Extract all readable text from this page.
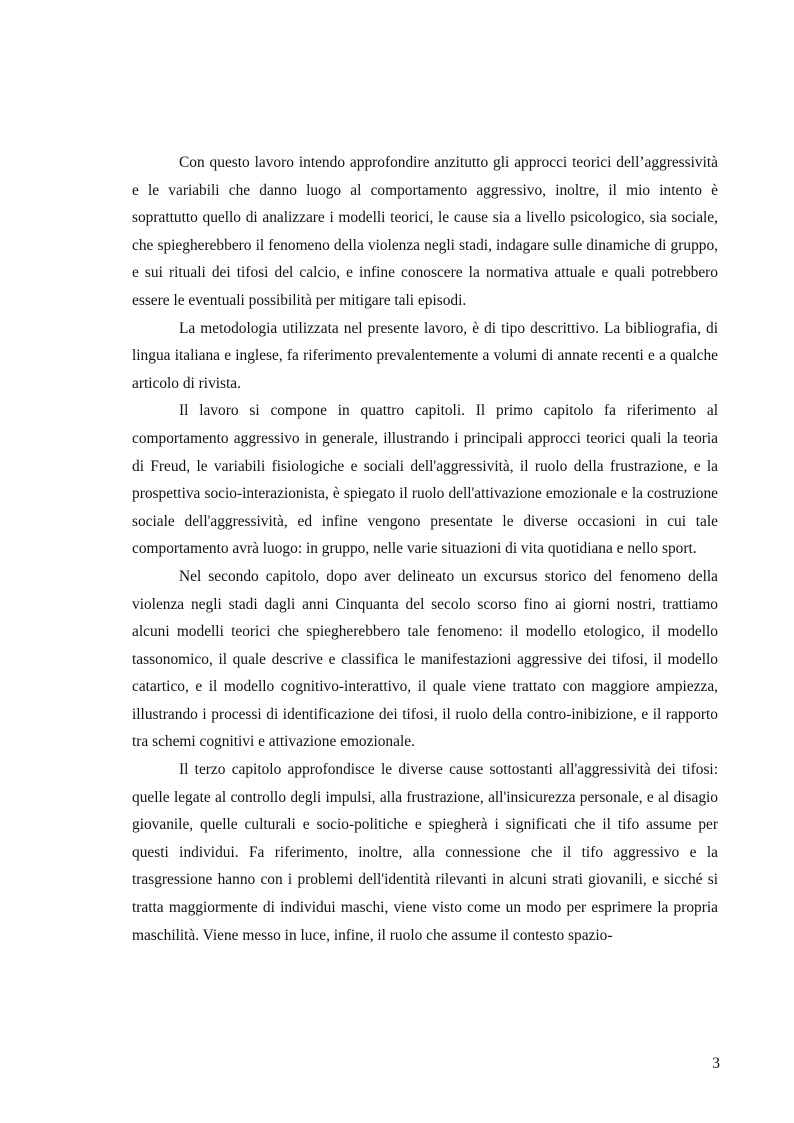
Con questo lavoro intendo approfondire anzitutto gli approcci teorici dell’aggressività e le variabili che danno luogo al comportamento aggressivo, inoltre, il mio intento è soprattutto quello di analizzare i modelli teorici, le cause sia a livello psicologico, sia sociale, che spiegherebbero il fenomeno della violenza negli stadi, indagare sulle dinamiche di gruppo, e sui rituali dei tifosi del calcio, e infine conoscere la normativa attuale e quali potrebbero essere le eventuali possibilità per mitigare tali episodi.

La metodologia utilizzata nel presente lavoro, è di tipo descrittivo. La bibliografia, di lingua italiana e inglese, fa riferimento prevalentemente a volumi di annate recenti e a qualche articolo di rivista.

Il lavoro si compone in quattro capitoli. Il primo capitolo fa riferimento al comportamento aggressivo in generale, illustrando i principali approcci teorici quali la teoria di Freud, le variabili fisiologiche e sociali dell'aggressività, il ruolo della frustrazione, e la prospettiva socio-interazionista, è spiegato il ruolo dell'attivazione emozionale e la costruzione sociale dell'aggressività, ed infine vengono presentate le diverse occasioni in cui tale comportamento avrà luogo: in gruppo, nelle varie situazioni di vita quotidiana e nello sport.

Nel secondo capitolo, dopo aver delineato un excursus storico del fenomeno della violenza negli stadi dagli anni Cinquanta del secolo scorso fino ai giorni nostri, trattiamo alcuni modelli teorici che spiegherebbero tale fenomeno: il modello etologico, il modello tassonomico, il quale descrive e classifica le manifestazioni aggressive dei tifosi, il modello catartico, e il modello cognitivo-interattivo, il quale viene trattato con maggiore ampiezza, illustrando i processi di identificazione dei tifosi, il ruolo della contro-inibizione, e il rapporto tra schemi cognitivi e attivazione emozionale.

Il terzo capitolo approfondisce le diverse cause sottostanti all'aggressività dei tifosi: quelle legate al controllo degli impulsi, alla frustrazione, all'insicurezza personale, e al disagio giovanile, quelle culturali e socio-politiche e spiegherà i significati che il tifo assume per questi individui. Fa riferimento, inoltre, alla connessione che il tifo aggressivo e la trasgressione hanno con i problemi dell'identità rilevanti in alcuni strati giovanili, e sicché si tratta maggiormente di individui maschi, viene visto come un modo per esprimere la propria maschilità. Viene messo in luce, infine, il ruolo che assume il contesto spazio-

3
